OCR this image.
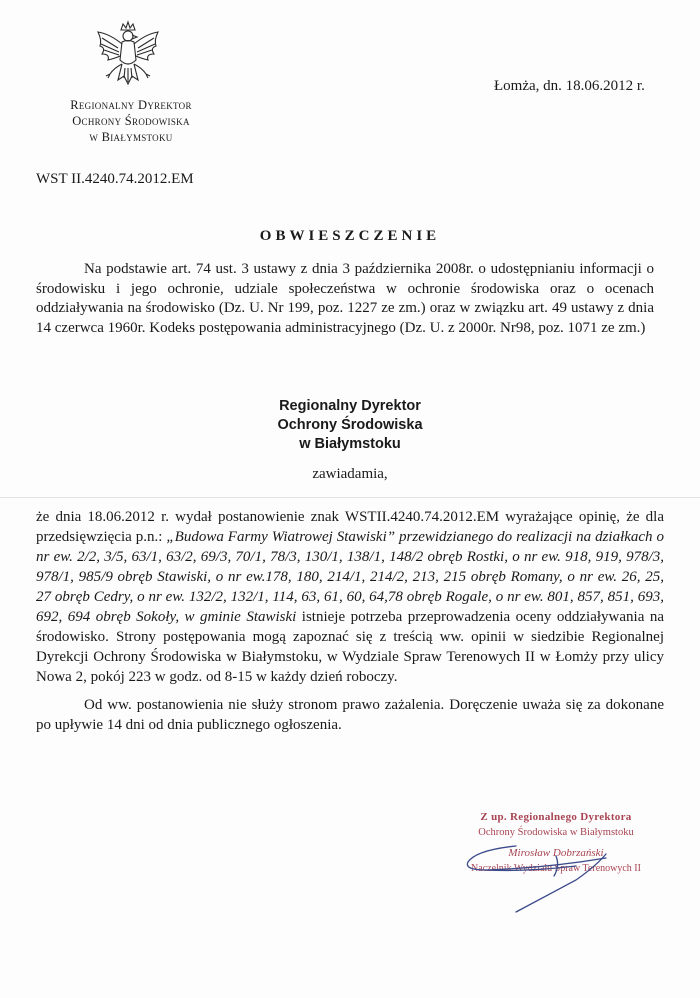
Regionalny Dyrektor
Ochrony Środowiska
w Białymstoku
Łomża, dn. 18.06.2012 r.
WST II.4240.74.2012.EM
OBWIESZCZENIE

Na podstawie art. 74 ust. 3 ustawy z dnia 3 października 2008r. o udostępnianiu informacji o środowisku i jego ochronie, udziale społeczeństwa w ochronie środowiska oraz o ocenach oddziaływania na środowisko (Dz. U. Nr 199, poz. 1227 ze zm.) oraz w związku art. 49 ustawy z dnia 14 czerwca 1960r. Kodeks postępowania administracyjnego (Dz. U. z 2000r. Nr98, poz. 1071 ze zm.)

Regionalny Dyrektor
Ochrony Środowiska
w Białymstoku
zawiadamia,

że dnia 18.06.2012 r. wydał postanowienie znak WSTII.4240.74.2012.EM wyrażające opinię, że dla przedsięwzięcia p.n.: „Budowa Farmy Wiatrowej Stawiski” przewidzianego do realizacji na działkach o nr ew. 2/2, 3/5, 63/1, 63/2, 69/3, 70/1, 78/3, 130/1, 138/1, 148/2 obręb Rostki, o nr ew. 918, 919, 978/3, 978/1, 985/9 obręb Stawiski, o nr ew.178, 180, 214/1, 214/2, 213, 215 obręb Romany, o nr ew. 26, 25, 27 obręb Cedry, o nr ew. 132/2, 132/1, 114, 63, 61, 60, 64,78 obręb Rogale, o nr ew. 801, 857, 851, 693, 692, 694 obręb Sokoły, w gminie Stawiski istnieje potrzeba przeprowadzenia oceny oddziaływania na środowisko. Strony postępowania mogą zapoznać się z treścią ww. opinii w siedzibie Regionalnej Dyrekcji Ochrony Środowiska w Białymstoku, w Wydziale Spraw Terenowych II w Łomży przy ulicy Nowa 2, pokój 223 w godz. od 8-15 w każdy dzień roboczy.

Od ww. postanowienia nie służy stronom prawo zażalenia. Doręczenie uważa się za dokonane po upływie 14 dni od dnia publicznego ogłoszenia.

Z up. Regionalnego Dyrektora
Ochrony Środowiska w Białymstoku
Mirosław Dobrzański
Naczelnik Wydziału Spraw Terenowych II
